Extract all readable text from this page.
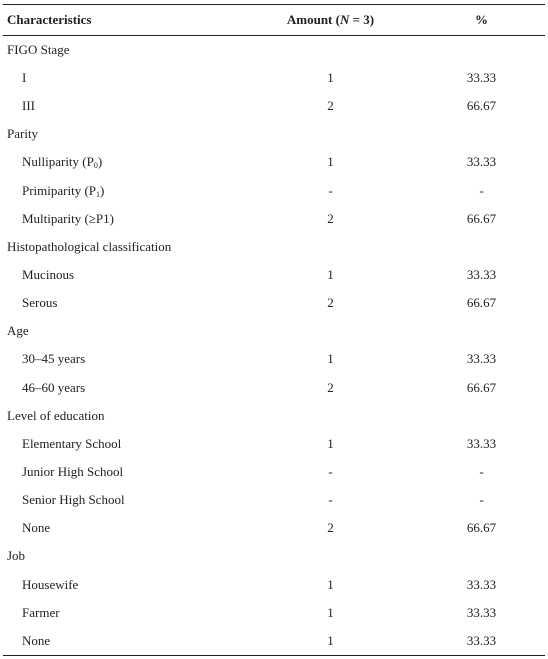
Characteristics	Amount (N = 3)	%
FIGO Stage
I	1	33.33
III	2	66.67
Parity
Nulliparity $(P_0)$	1	33.33
Primiparity $(P_1)$	-	-
Multiparity (≥P1)	2	66.67
Histopathological classification
Mucinous	1	33.33
Serous	2	66.67
Age
30–45 years	1	33.33
46–60 years	2	66.67
Level of education
Elementary School	1	33.33
Junior High School	-	-
Senior High School	-	-
None	2	66.67
Job
Housewife	1	33.33
Farmer	1	33.33
None	1	33.33
